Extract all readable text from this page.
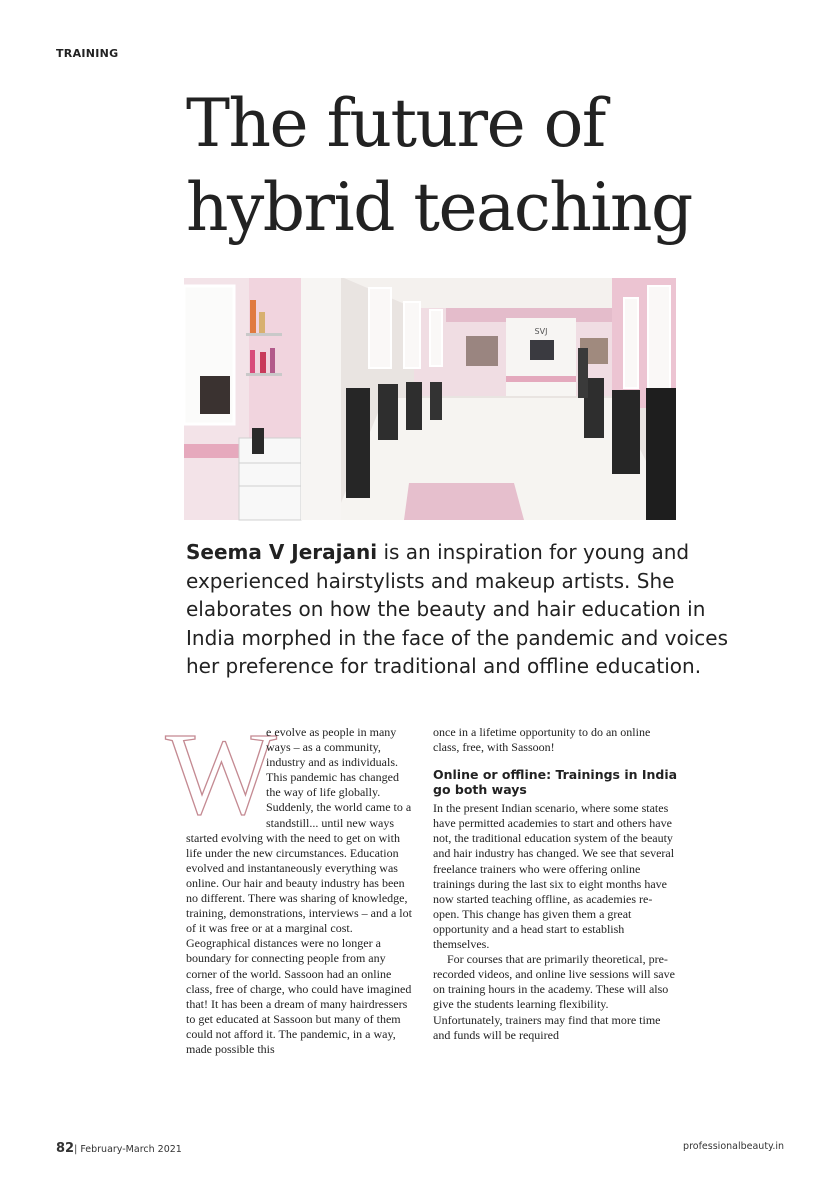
TRAINING
The future of
hybrid teaching
SVJ

Seema V Jerajani is an inspiration for young and experienced hairstylists and makeup artists. She elaborates on how the beauty and hair education in India morphed in the face of the pandemic and voices her preference for traditional and offline education.

W

e evolve as people in many ways – as a community, industry and as individuals. This pandemic has changed the way of life globally. Suddenly, the world came to a standstill... until new ways started evolving with the need to get on with life under the new circumstances. Education evolved and instantaneously everything was online. Our hair and beauty industry has been no different. There was sharing of knowledge, training, demonstrations, interviews – and a lot of it was free or at a marginal cost. Geographical distances were no longer a boundary for connecting people from any corner of the world. Sassoon had an online class, free of charge, who could have imagined that! It has been a dream of many hairdressers to get educated at Sassoon but many of them could not afford it. The pandemic, in a way, made possible this

once in a lifetime opportunity to do an online class, free, with Sassoon!

Online or offline: Trainings in India go both ways

In the present Indian scenario, where some states have permitted academies to start and others have not, the traditional education system of the beauty and hair industry has changed. We see that several freelance trainers who were offering online trainings during the last six to eight months have now started teaching offline, as academies re-open. This change has given them a great opportunity and a head start to establish themselves.

For courses that are primarily theoretical, pre-recorded videos, and online live sessions will save on training hours in the academy. These will also give the students learning flexibility. Unfortunately, trainers may find that more time and funds will be required

82| February-March 2021	professionalbeauty.in
